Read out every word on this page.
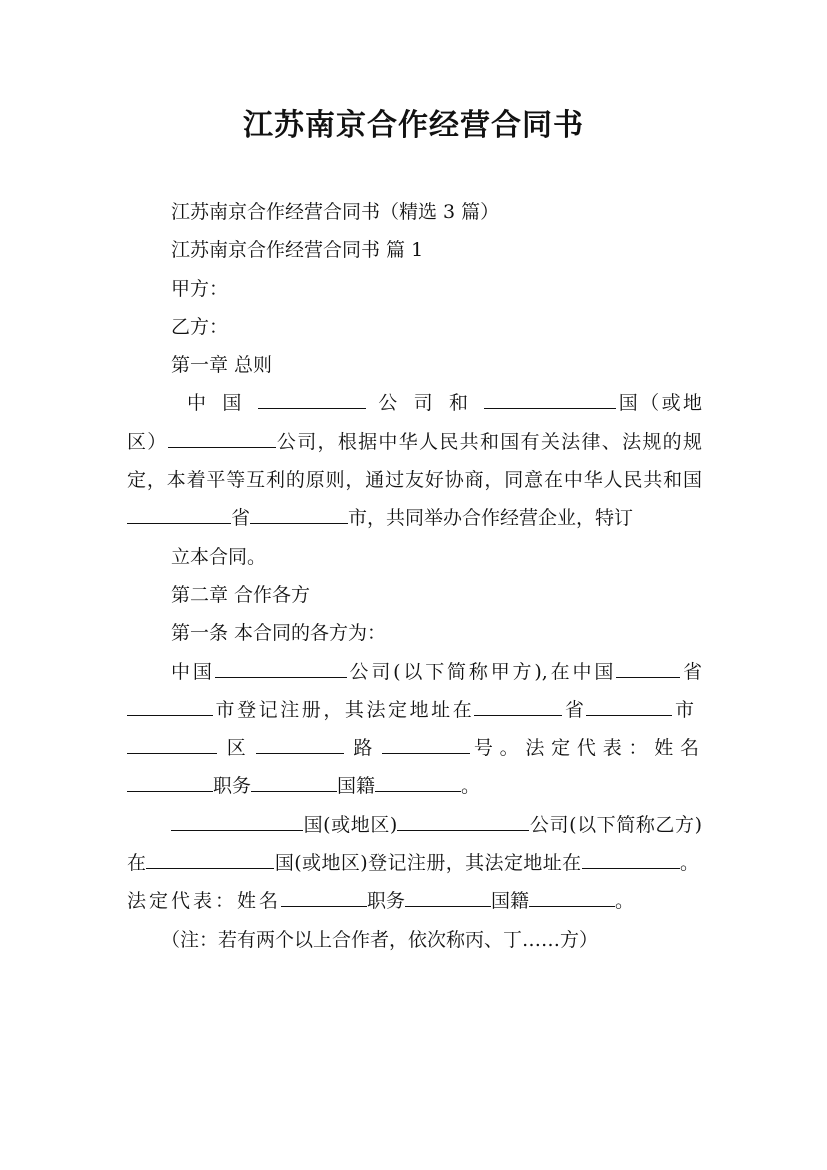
江苏南京合作经营合同书

江苏南京合作经营合同书（精选 3 篇）

江苏南京合作经营合同书 篇 1

甲方：

乙方：

第一章 总则

中国	公司和	国（或地区）	公司，根据中华人民共和国有关法律、法规的规定，本着平等互利的原则，通过友好协商，同意在中华人民共和国省	市，共同举办合作经营企业，特订

立本合同。

第二章 合作各方

第一条 本合同的各方为：

中国	公司(以下简称甲方),在中国	省市登记注册，其法定地址在	省	市区	路	号。法定代表：姓名职务	国籍	。

国(或地区)	公司(以下简称乙方)在	国(或地区)登记注册，其法定地址在	。法定代表：姓名	职务	国籍	。

（注：若有两个以上合作者，依次称丙、丁……方）
